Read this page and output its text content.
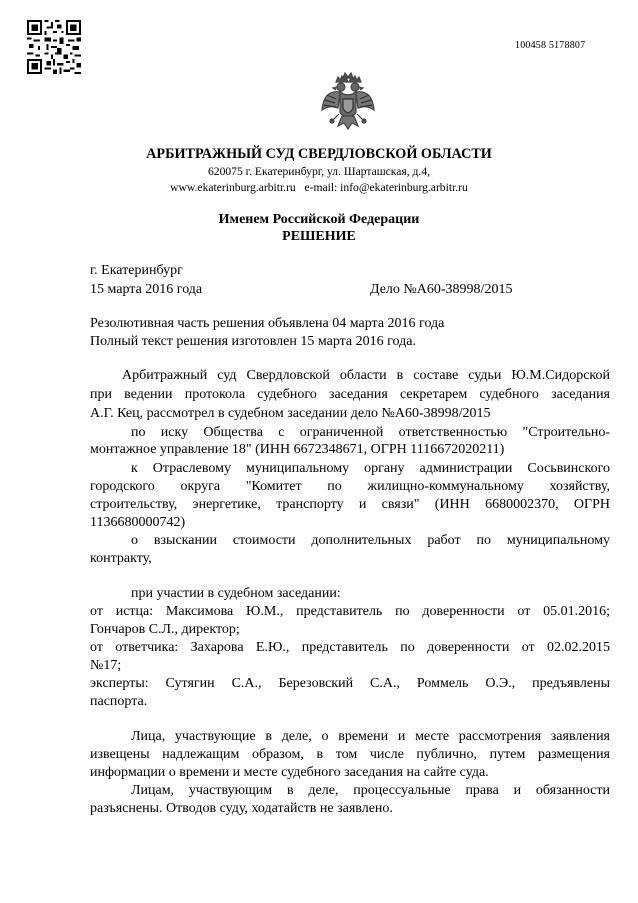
100458 5178807
АРБИТРАЖНЫЙ СУД СВЕРДЛОВСКОЙ ОБЛАСТИ
620075 г. Екатеринбург, ул. Шарташская, д.4,
www.ekaterinburg.arbitr.ru e-mail: info@ekaterinburg.arbitr.ru
Именем Российской Федерации
РЕШЕНИЕ
г. Екатеринбург
15 марта 2016 года	Дело №А60-38998/2015
Резолютивная часть решения объявлена 04 марта 2016 года
Полный текст решения изготовлен 15 марта 2016 года.
Арбитражный суд Свердловской области в составе судьи Ю.М.Сидорской
при ведении протокола судебного заседания секретарем судебного заседания
А.Г. Кец, рассмотрел в судебном заседании дело №А60-38998/2015
по иску Общества с ограниченной ответственностью "Строительно-
монтажное управление 18" (ИНН 6672348671, ОГРН 1116672020211)
к Отраслевому муниципальному органу администрации Сосьвинского
городского округа "Комитет по жилищно-коммунальному хозяйству,
строительству, энергетике, транспорту и связи" (ИНН 6680002370, ОГРН
1136680000742)
о взыскании стоимости дополнительных работ по муниципальному
контракту,
при участии в судебном заседании:
от истца: Максимова Ю.М., представитель по доверенности от 05.01.2016;
Гончаров С.Л., директор;
от ответчика: Захарова Е.Ю., представитель по доверенности от 02.02.2015
№17;
эксперты: Сутягин С.А., Березовский С.А., Роммель О.Э., предъявлены
паспорта.
Лица, участвующие в деле, о времени и месте рассмотрения заявления
извещены надлежащим образом, в том числе публично, путем размещения
информации о времени и месте судебного заседания на сайте суда.
Лицам, участвующим в деле, процессуальные права и обязанности
разъяснены. Отводов суду, ходатайств не заявлено.
